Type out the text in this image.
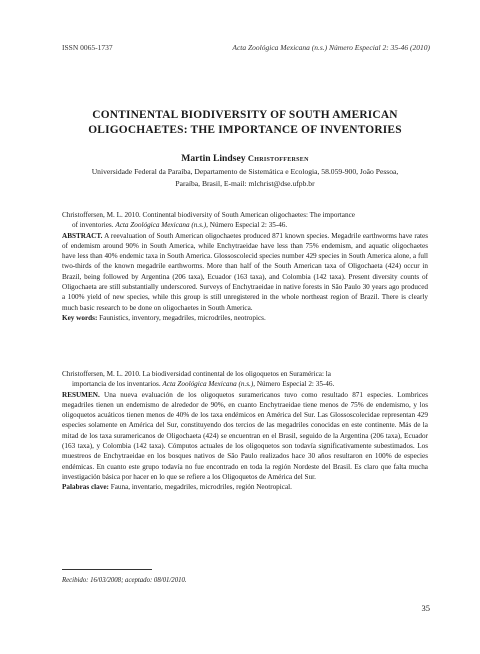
ISSN 0065-1737	Acta Zoológica Mexicana (n.s.) Número Especial 2: 35-46 (2010)
CONTINENTAL BIODIVERSITY OF SOUTH AMERICAN
OLIGOCHAETES: THE IMPORTANCE OF INVENTORIES
Martin Lindsey Christoffersen
Universidade Federal da Paraíba, Departamento de Sistemática e Ecologia, 58.059-900, João Pessoa,
Paraíba, Brasil, E-mail: mlchrist@dse.ufpb.br

Christoffersen, M. L. 2010. Continental biodiversity of South American oligochaetes: The importance

of inventories. Acta Zoológica Mexicana (n.s.), Número Especial 2: 35-46.

ABSTRACT. A reevaluation of South American oligochaetes produced 871 known species. Megadrile earthworms have rates of endemism around 90% in South America, while Enchytraeidae have less than 75% endemism, and aquatic oligochaetes have less than 40% endemic taxa in South America. Glossoscolecid species number 429 species in South America alone, a full two-thirds of the known megadrile earthworms. More than half of the South American taxa of Oligochaeta (424) occur in Brazil, being followed by Argentina (206 taxa), Ecuador (163 taxa), and Colombia (142 taxa). Present diversity counts of Oligochaeta are still substantially underscored. Surveys of Enchytraeidae in native forests in São Paulo 30 years ago produced a 100% yield of new species, while this group is still unregistered in the whole northeast region of Brazil. There is clearly much basic research to be done on oligochaetes in South America.

Key words: Faunistics, inventory, megadriles, microdriles, neotropics.

Christoffersen, M. L. 2010. La biodiversidad continental de los oligoquetos en Suramérica: la

importancia de los inventarios. Acta Zoológica Mexicana (n.s.), Número Especial 2: 35-46.

RESUMEN. Una nueva evaluación de los oligoquetos suramericanos tuvo como resultado 871 especies. Lombrices megadriles tienen un endemismo de alrededor de 90%, en cuanto Enchytraeidae tiene menos de 75% de endemismo, y los oligoquetos acuáticos tienen menos de 40% de los taxa endémicos en América del Sur. Las Glossoscolecidae representan 429 especies solamente en América del Sur, constituyendo dos tercios de las megadriles conocidas en este continente. Más de la mitad de los taxa suramericanos de Oligochaeta (424) se encuentran en el Brasil, seguido de la Argentina (206 taxa), Ecuador (163 taxa), y Colombia (142 taxa). Cómputos actuales de los oligoquetos son todavía significativamente subestimados. Los muestreos de Enchytraeidae en los bosques nativos de São Paulo realizados hace 30 años resultaron en 100% de especies endémicas. En cuanto este grupo todavía no fue encontrado en toda la región Nordeste del Brasil. Es claro que falta mucha investigación básica por hacer en lo que se refiere a los Oligoquetos de América del Sur.

Palabras clave: Fauna, inventario, megadriles, microdriles, región Neotropical.

Recibido: 16/03/2008; aceptado: 08/01/2010.
35
